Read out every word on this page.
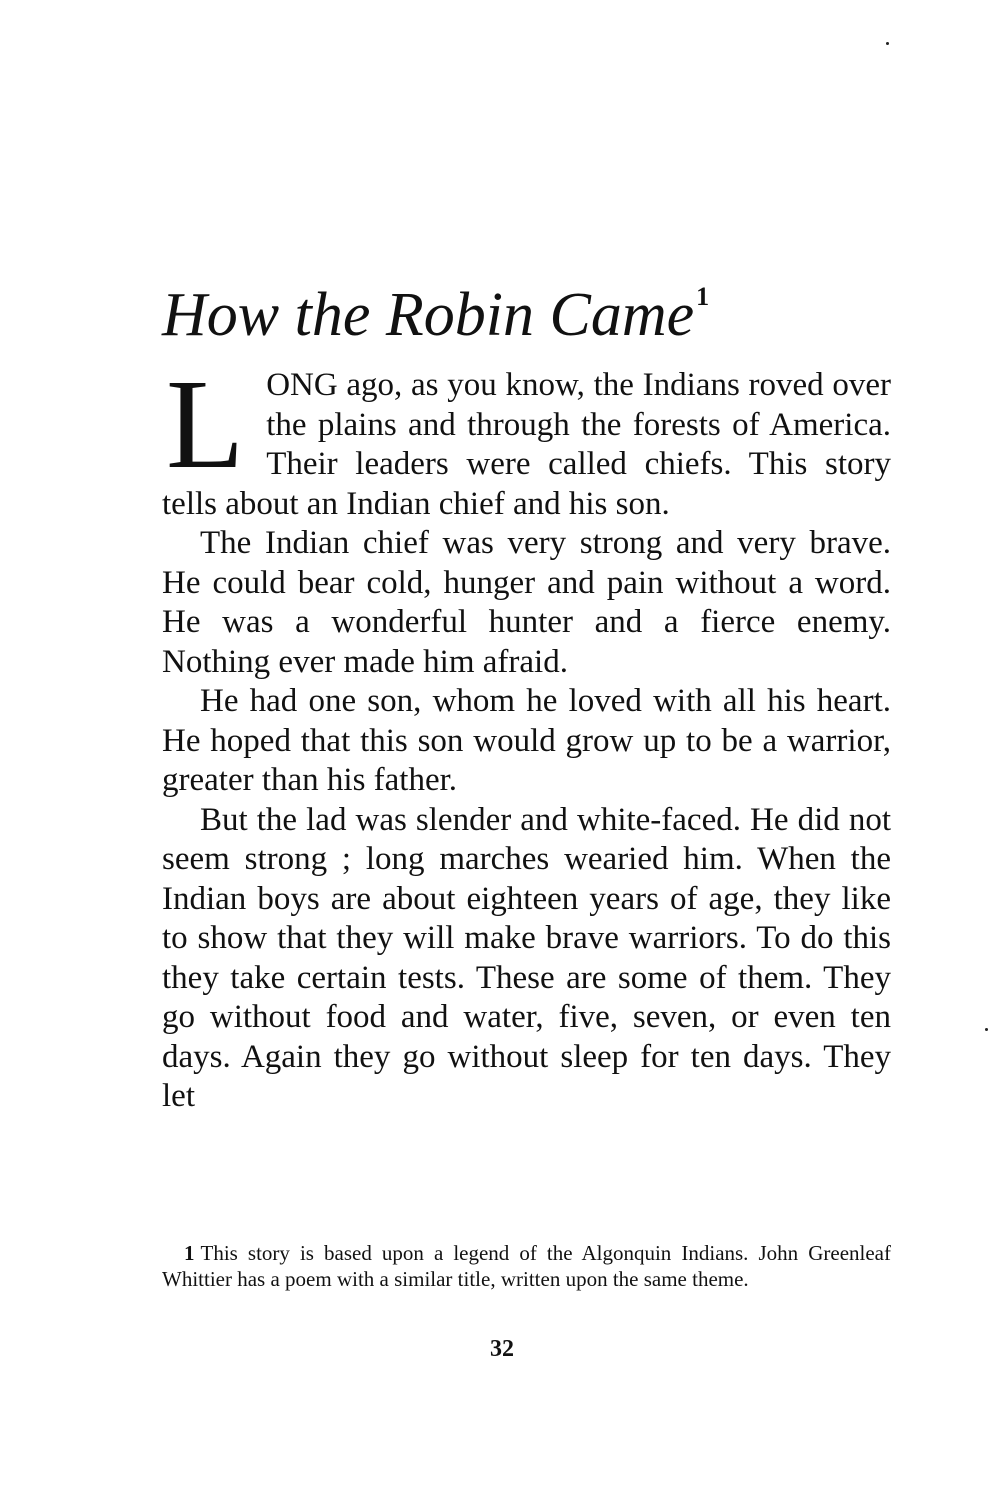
How the Robin Came$^1$

LONG ago, as you know, the Indians roved over the plains and through the forests of America. Their leaders were called chiefs. This story tells about an Indian chief and his son.

The Indian chief was very strong and very brave. He could bear cold, hunger and pain without a word. He was a wonderful hunter and a fierce enemy. Nothing ever made him afraid.

He had one son, whom he loved with all his heart. He hoped that this son would grow up to be a warrior, greater than his father.

But the lad was slender and white-faced. He did not seem strong ; long marches wearied him. When the Indian boys are about eighteen years of age, they like to show that they will make brave warriors. To do this they take certain tests. These are some of them. They go without food and water, five, seven, or even ten days. Again they go without sleep for ten days. They let

1 This story is based upon a legend of the Algonquin Indians. John Greenleaf Whittier has a poem with a similar title, written upon the same theme.

32
